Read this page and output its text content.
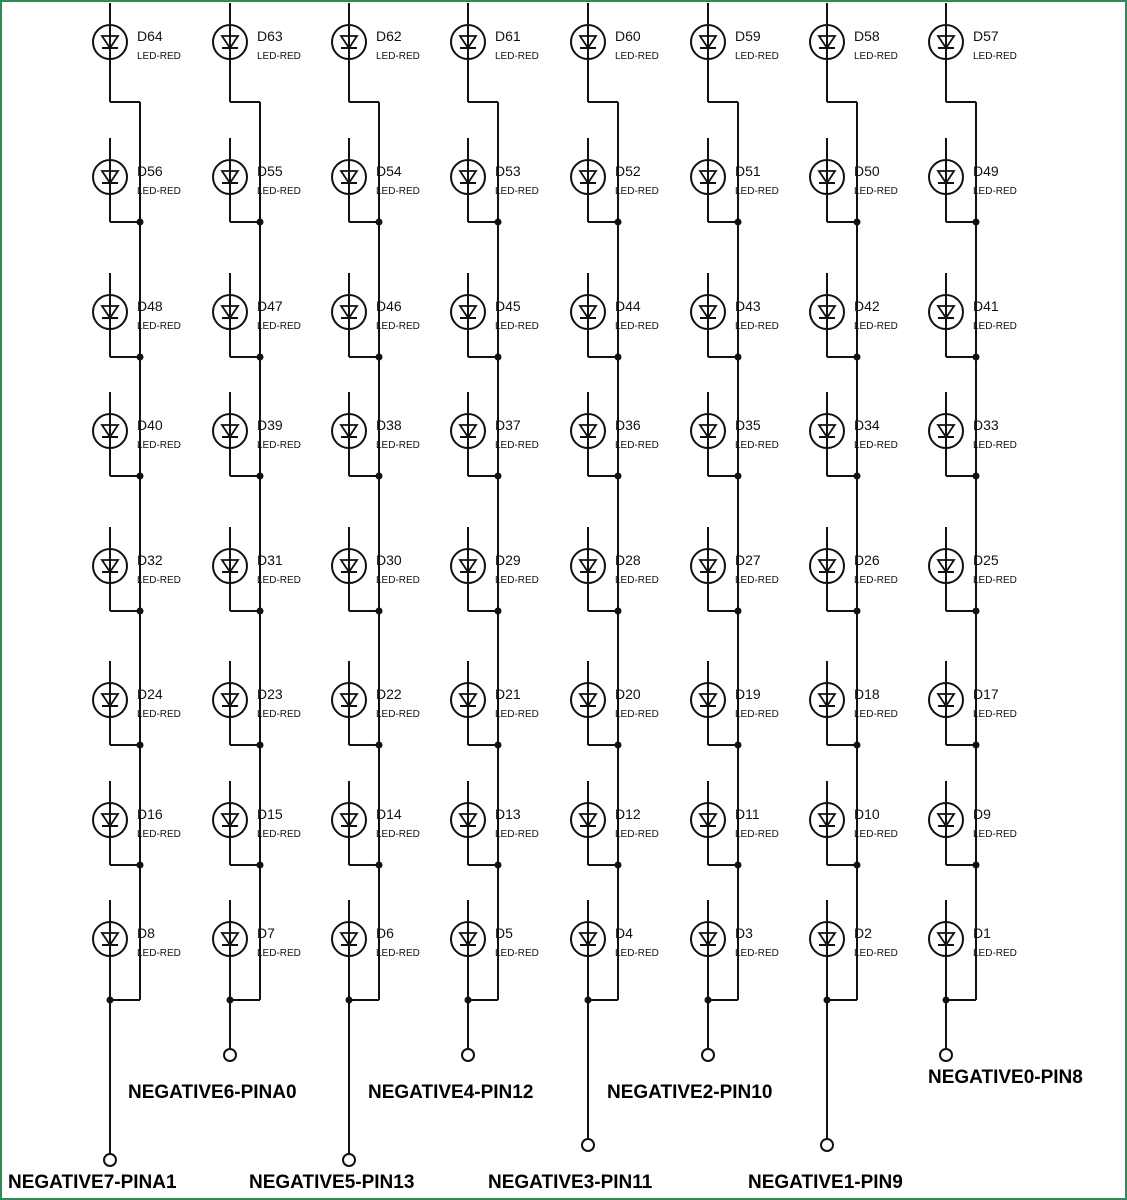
D64
LED-RED
D56
LED-RED
D48
LED-RED
D40
LED-RED
D32
LED-RED
D24
LED-RED
D16
LED-RED
D8
LED-RED
NEGATIVE7-PINA1
D63
LED-RED
D55
LED-RED
D47
LED-RED
D39
LED-RED
D31
LED-RED
D23
LED-RED
D15
LED-RED
D7
LED-RED
NEGATIVE6-PINA0
D62
LED-RED
D54
LED-RED
D46
LED-RED
D38
LED-RED
D30
LED-RED
D22
LED-RED
D14
LED-RED
D6
LED-RED
NEGATIVE5-PIN13
D61
LED-RED
D53
LED-RED
D45
LED-RED
D37
LED-RED
D29
LED-RED
D21
LED-RED
D13
LED-RED
D5
LED-RED
NEGATIVE4-PIN12
D60
LED-RED
D52
LED-RED
D44
LED-RED
D36
LED-RED
D28
LED-RED
D20
LED-RED
D12
LED-RED
D4
LED-RED
NEGATIVE3-PIN11
D59
LED-RED
D51
LED-RED
D43
LED-RED
D35
LED-RED
D27
LED-RED
D19
LED-RED
D11
LED-RED
D3
LED-RED
NEGATIVE2-PIN10
D58
LED-RED
D50
LED-RED
D42
LED-RED
D34
LED-RED
D26
LED-RED
D18
LED-RED
D10
LED-RED
D2
LED-RED
NEGATIVE1-PIN9
D57
LED-RED
D49
LED-RED
D41
LED-RED
D33
LED-RED
D25
LED-RED
D17
LED-RED
D9
LED-RED
D1
LED-RED
NEGATIVE0-PIN8
